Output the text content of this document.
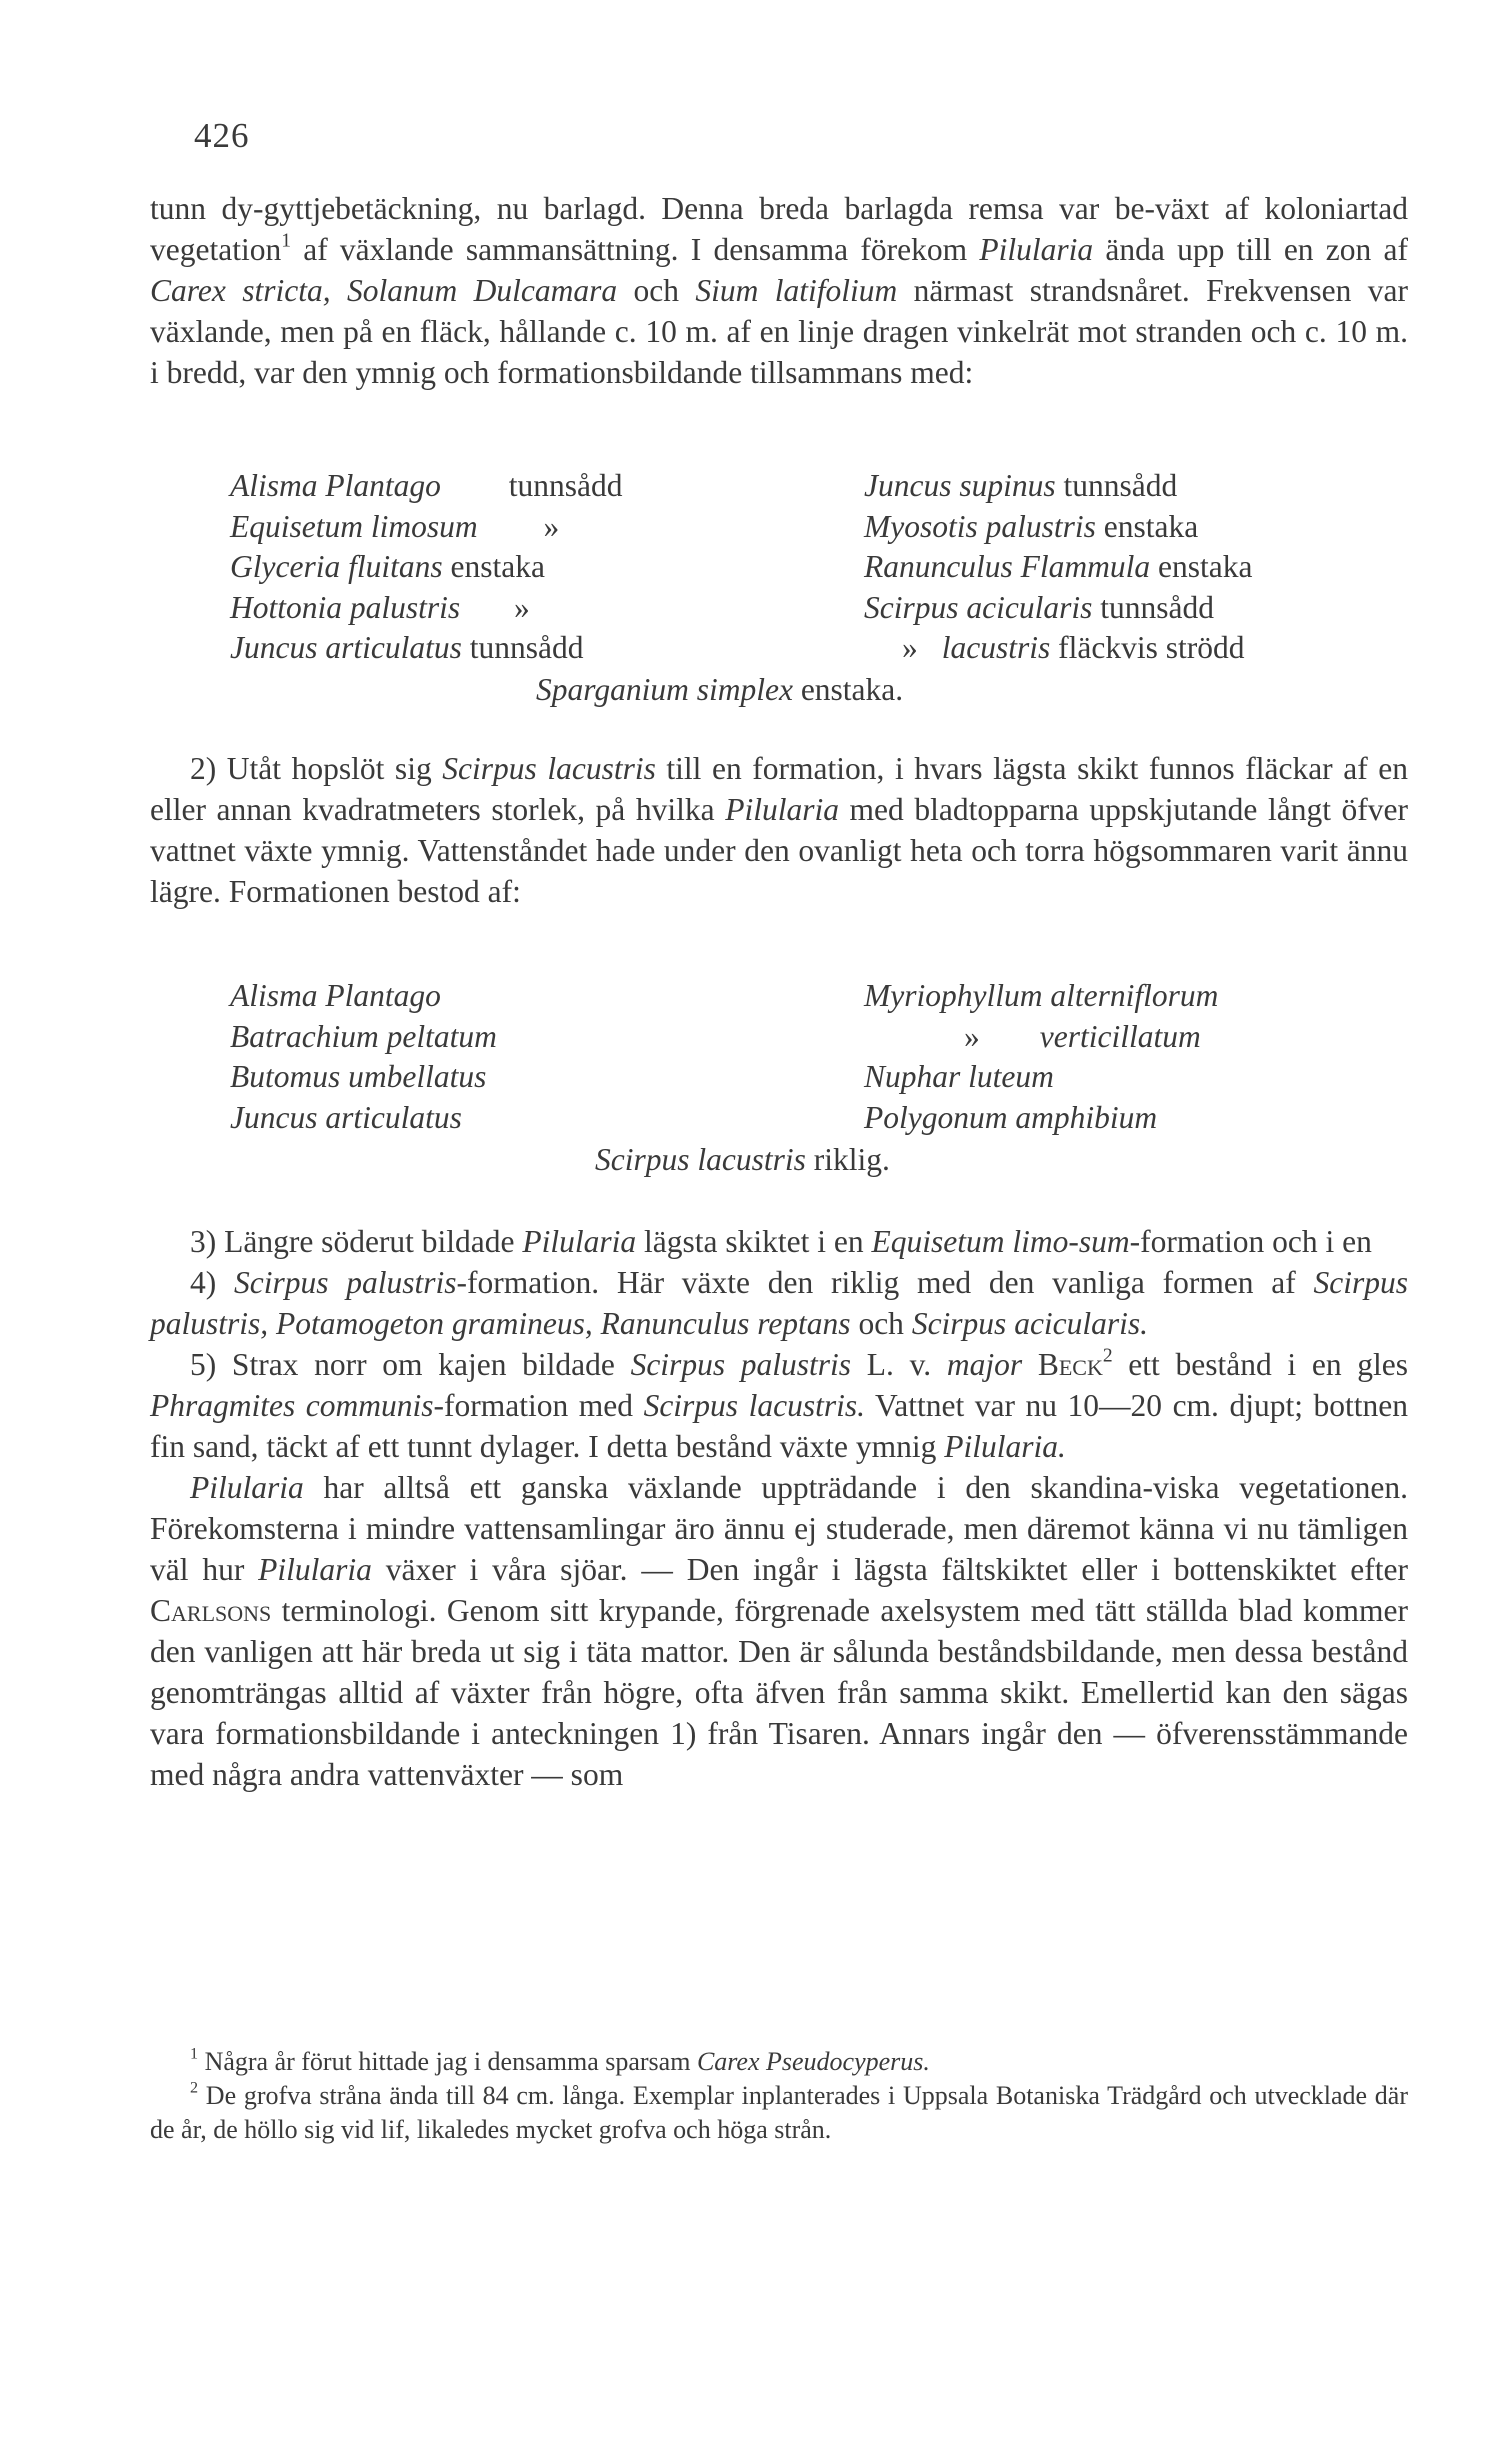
426

tunn dy-gyttjebetäckning, nu barlagd. Denna breda barlagda remsa var be-växt af koloniartad vegetation$^1$ af växlande sammansättning. I densamma förekom Pilularia ända upp till en zon af Carex stricta, Solanum Dulcamara och Sium latifolium närmast strandsnåret. Frekvensen var växlande, men på en fläck, hållande c. 10 m. af en linje dragen vinkelrät mot stranden och c. 10 m. i bredd, var den ymnig och formationsbildande tillsammans med:

Alisma Plantago tunnsådd
Equisetum limosum »
Glyceria fluitans enstaka
Hottonia palustris »
Juncus articulatus tunnsådd
Juncus supinus tunnsådd
Myosotis palustris enstaka
Ranunculus Flammula enstaka
Scirpus acicularis tunnsådd
» lacustris fläckvis strödd
Sparganium simplex enstaka.

2) Utåt hopslöt sig Scirpus lacustris till en formation, i hvars lägsta skikt funnos fläckar af en eller annan kvadratmeters storlek, på hvilka Pilularia med bladtopparna uppskjutande långt öfver vattnet växte ymnig. Vattenståndet hade under den ovanligt heta och torra högsommaren varit ännu lägre. Formationen bestod af:

Alisma Plantago
Batrachium peltatum
Butomus umbellatus
Juncus articulatus
Myriophyllum alterniflorum
» verticillatum
Nuphar luteum
Polygonum amphibium
Scirpus lacustris riklig.

3) Längre söderut bildade Pilularia lägsta skiktet i en Equisetum limo-sum-formation och i en

4) Scirpus palustris-formation. Här växte den riklig med den vanliga formen af Scirpus palustris, Potamogeton gramineus, Ranunculus reptans och Scirpus acicularis.

5) Strax norr om kajen bildade Scirpus palustris L. v. major Beck$^2$ ett bestånd i en gles Phragmites communis-formation med Scirpus lacustris. Vattnet var nu 10—20 cm. djupt; bottnen fin sand, täckt af ett tunnt dylager. I detta bestånd växte ymnig Pilularia.

Pilularia har alltså ett ganska växlande uppträdande i den skandina-viska vegetationen. Förekomsterna i mindre vattensamlingar äro ännu ej studerade, men däremot känna vi nu tämligen väl hur Pilularia växer i våra sjöar. — Den ingår i lägsta fältskiktet eller i bottenskiktet efter Carlsons terminologi. Genom sitt krypande, förgrenade axelsystem med tätt ställda blad kommer den vanligen att här breda ut sig i täta mattor. Den är sålunda beståndsbildande, men dessa bestånd genomträngas alltid af växter från högre, ofta äfven från samma skikt. Emellertid kan den sägas vara formationsbildande i anteckningen 1) från Tisaren. Annars ingår den — öfverensstämmande med några andra vattenväxter — som

$^1$ Några år förut hittade jag i densamma sparsam Carex Pseudocyperus.

$^2$ De grofva stråna ända till 84 cm. långa. Exemplar inplanterades i Uppsala Botaniska Trädgård och utvecklade där de år, de höllo sig vid lif, likaledes mycket grofva och höga strån.
